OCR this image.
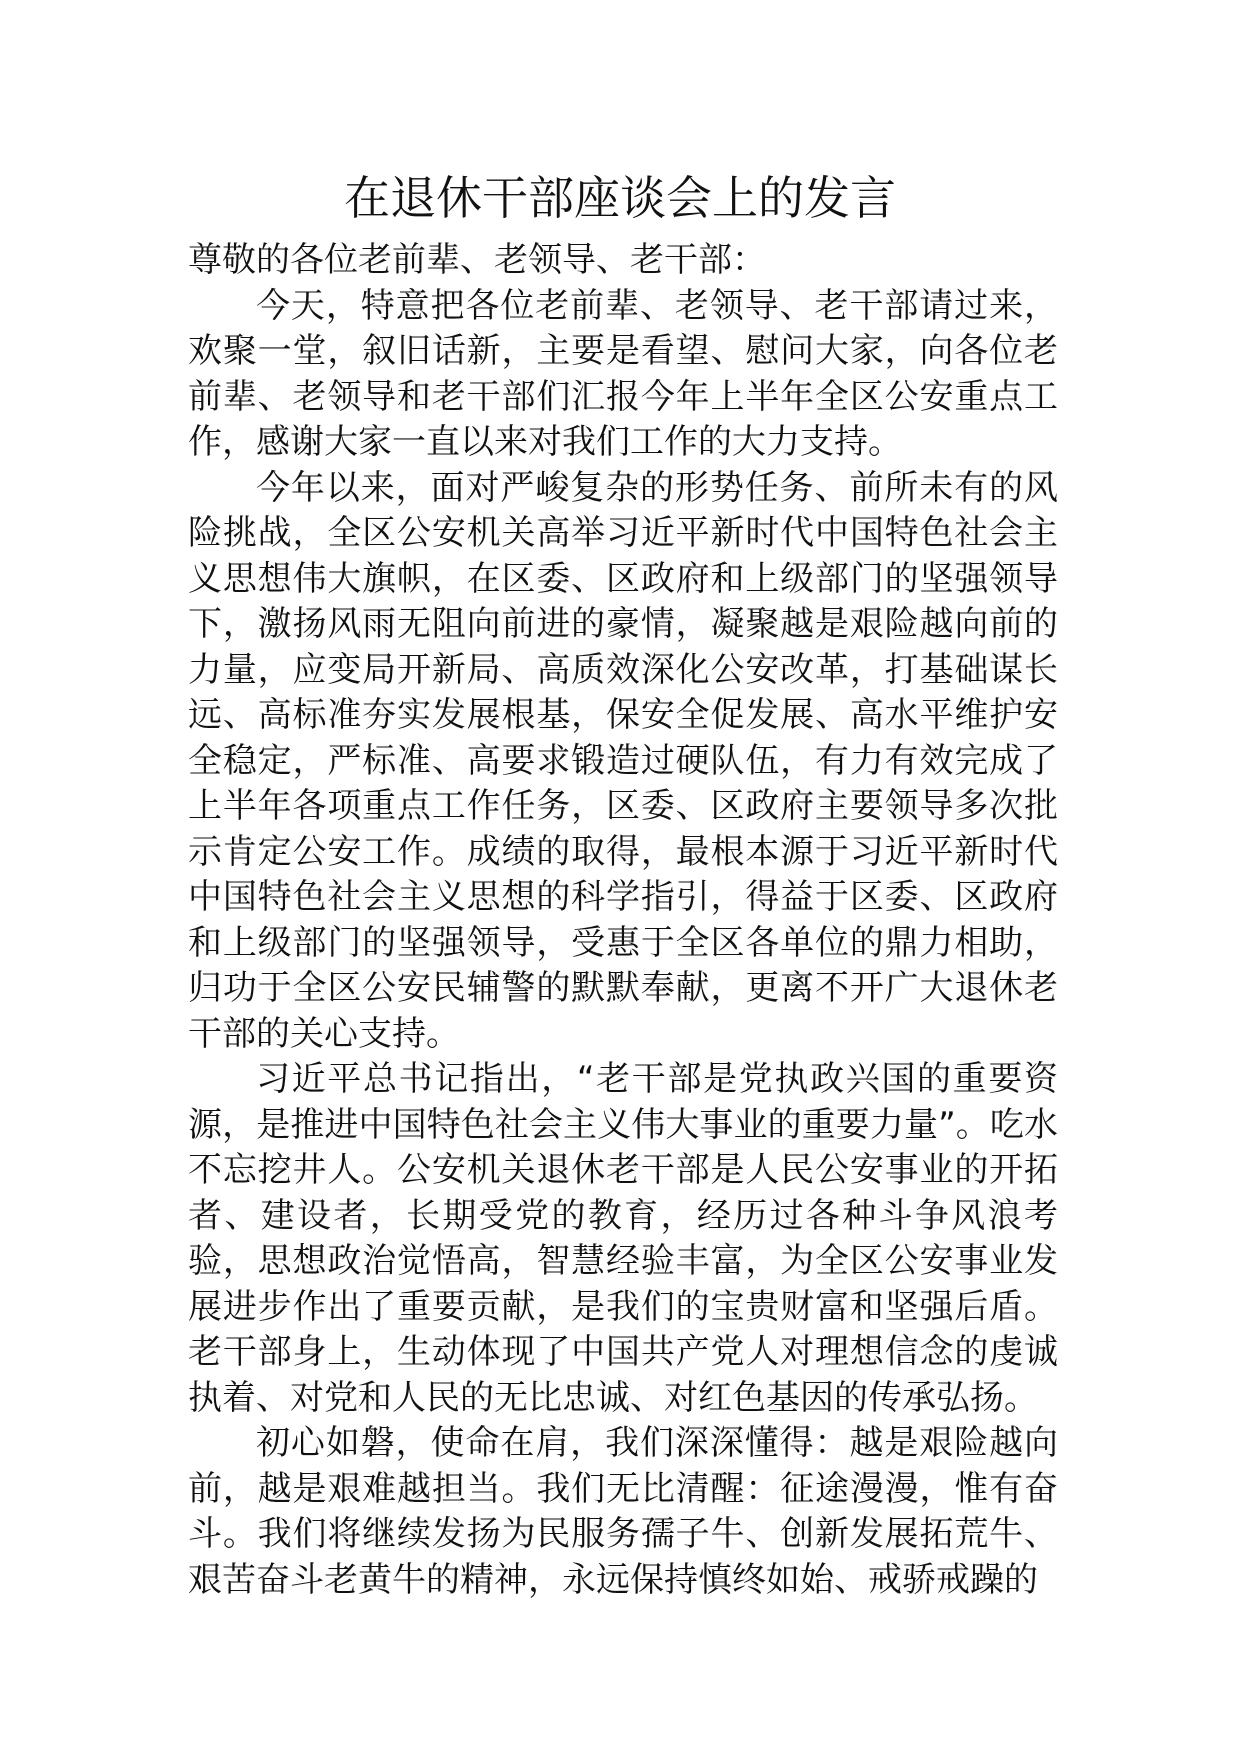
在退休干部座谈会上的发言

尊敬的各位老前辈、老领导、老干部：

今天，特意把各位老前辈、老领导、老干部请过来，欢聚一堂，叙旧话新，主要是看望、慰问大家，向各位老前辈、老领导和老干部们汇报今年上半年全区公安重点工作，感谢大家一直以来对我们工作的大力支持。

今年以来，面对严峻复杂的形势任务、前所未有的风险挑战，全区公安机关高举习近平新时代中国特色社会主义思想伟大旗帜，在区委、区政府和上级部门的坚强领导下，激扬风雨无阻向前进的豪情，凝聚越是艰险越向前的力量，应变局开新局、高质效深化公安改革，打基础谋长远、高标准夯实发展根基，保安全促发展、高水平维护安全稳定，严标准、高要求锻造过硬队伍，有力有效完成了上半年各项重点工作任务，区委、区政府主要领导多次批示肯定公安工作。成绩的取得，最根本源于习近平新时代中国特色社会主义思想的科学指引，得益于区委、区政府和上级部门的坚强领导，受惠于全区各单位的鼎力相助，归功于全区公安民辅警的默默奉献，更离不开广大退休老干部的关心支持。

习近平总书记指出，“老干部是党执政兴国的重要资源，是推进中国特色社会主义伟大事业的重要力量”。吃水不忘挖井人。公安机关退休老干部是人民公安事业的开拓者、建设者，长期受党的教育，经历过各种斗争风浪考验，思想政治觉悟高，智慧经验丰富，为全区公安事业发展进步作出了重要贡献，是我们的宝贵财富和坚强后盾。老干部身上，生动体现了中国共产党人对理想信念的虔诚执着、对党和人民的无比忠诚、对红色基因的传承弘扬。

初心如磐，使命在肩，我们深深懂得：越是艰险越向前，越是艰难越担当。我们无比清醒：征途漫漫，惟有奋斗。我们将继续发扬为民服务孺子牛、创新发展拓荒牛、艰苦奋斗老黄牛的精神，永远保持慎终如始、戒骄戒躁的
